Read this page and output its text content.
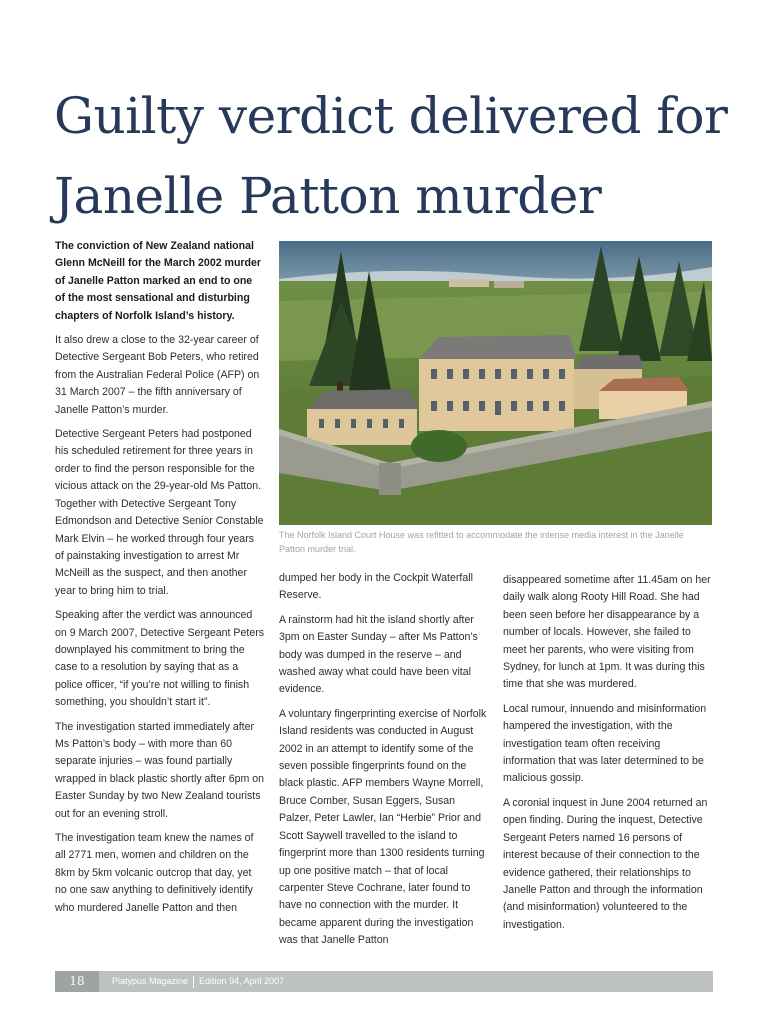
Guilty verdict delivered for
Janelle Patton murder

The conviction of New Zealand national Glenn McNeill for the March 2002 murder of Janelle Patton marked an end to one of the most sensational and disturbing chapters of Norfolk Island’s history.

It also drew a close to the 32-year career of Detective Sergeant Bob Peters, who retired from the Australian Federal Police (AFP) on 31 March 2007 – the fifth anniversary of Janelle Patton’s murder.

Detective Sergeant Peters had postponed his scheduled retirement for three years in order to find the person responsible for the vicious attack on the 29-year-old Ms Patton. Together with Detective Sergeant Tony Edmondson and Detective Senior Constable Mark Elvin – he worked through four years of painstaking investigation to arrest Mr McNeill as the suspect, and then another year to bring him to trial.

Speaking after the verdict was announced on 9 March 2007, Detective Sergeant Peters downplayed his commitment to bring the case to a resolution by saying that as a police officer, “if you’re not willing to finish something, you shouldn’t start it”.

The investigation started immediately after Ms Patton’s body – with more than 60 separate injuries – was found partially wrapped in black plastic shortly after 6pm on Easter Sunday by two New Zealand tourists out for an evening stroll.

The investigation team knew the names of all 2771 men, women and children on the 8km by 5km volcanic outcrop that day, yet no one saw anything to definitively identify who murdered Janelle Patton and then

The Norfolk Island Court House was refitted to accommodate the intense media interest in the Janelle Patton murder trial.

dumped her body in the Cockpit Waterfall Reserve.

A rainstorm had hit the island shortly after 3pm on Easter Sunday – after Ms Patton’s body was dumped in the reserve – and washed away what could have been vital evidence.

A voluntary fingerprinting exercise of Norfolk Island residents was conducted in August 2002 in an attempt to identify some of the seven possible fingerprints found on the black plastic. AFP members Wayne Morrell, Bruce Comber, Susan Eggers, Susan Palzer, Peter Lawler, Ian “Herbie” Prior and Scott Saywell travelled to the island to fingerprint more than 1300 residents turning up one positive match – that of local carpenter Steve Cochrane, later found to have no connection with the murder. It became apparent during the investigation was that Janelle Patton

disappeared sometime after 11.45am on her daily walk along Rooty Hill Road. She had been seen before her disappearance by a number of locals. However, she failed to meet her parents, who were visiting from Sydney, for lunch at 1pm. It was during this time that she was murdered.

Local rumour, innuendo and misinformation hampered the investigation, with the investigation team often receiving information that was later determined to be malicious gossip.

A coronial inquest in June 2004 returned an open finding. During the inquest, Detective Sergeant Peters named 16 persons of interest because of their connection to the evidence gathered, their relationships to Janelle Patton and through the information (and misinformation) volunteered to the investigation.

18	Platypus Magazine Edition 94, April 2007
